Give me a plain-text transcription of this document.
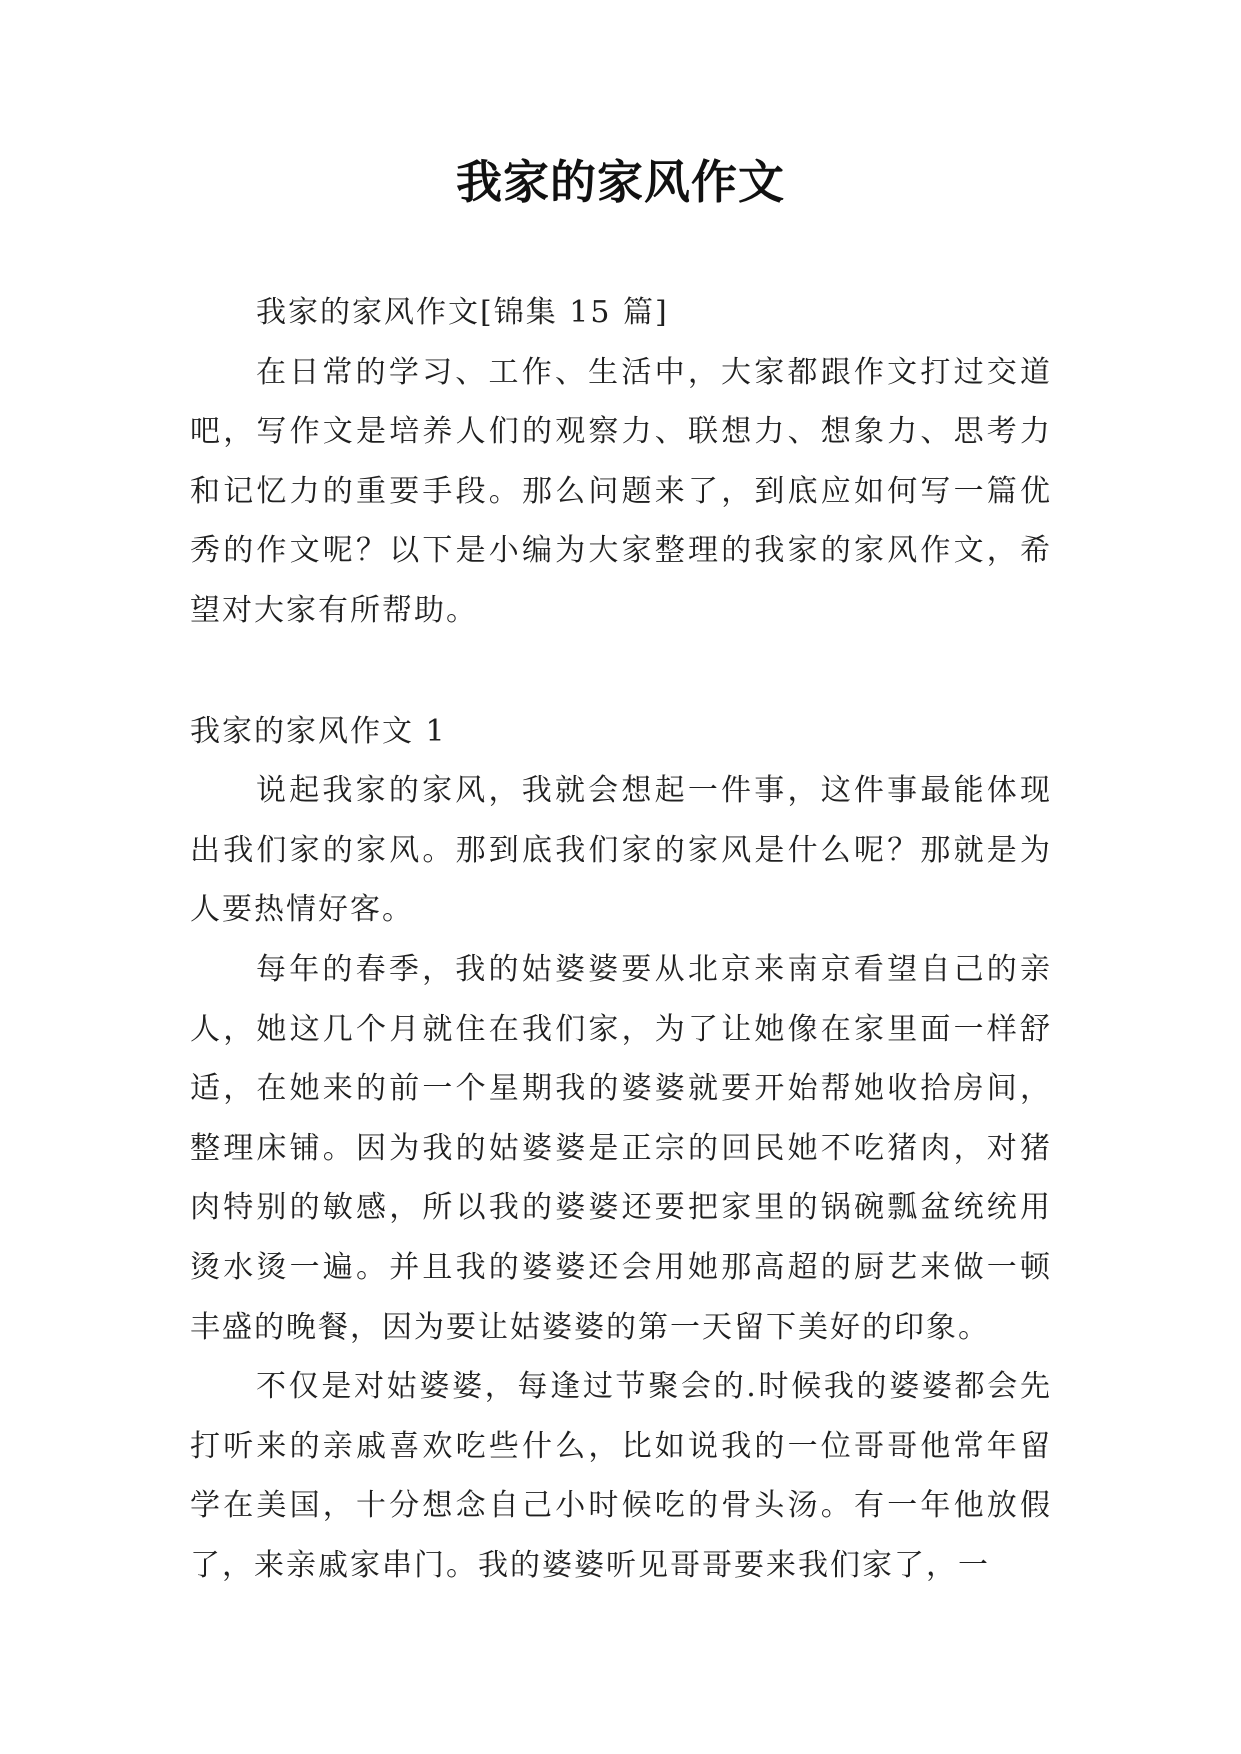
我家的家风作文

我家的家风作文[锦集 15 篇]

在日常的学习、工作、生活中，大家都跟作文打过交道吧，写作文是培养人们的观察力、联想力、想象力、思考力和记忆力的重要手段。那么问题来了，到底应如何写一篇优秀的作文呢？以下是小编为大家整理的我家的家风作文，希望对大家有所帮助。

我家的家风作文 1

说起我家的家风，我就会想起一件事，这件事最能体现出我们家的家风。那到底我们家的家风是什么呢？那就是为人要热情好客。

每年的春季，我的姑婆婆要从北京来南京看望自己的亲人，她这几个月就住在我们家，为了让她像在家里面一样舒适，在她来的前一个星期我的婆婆就要开始帮她收拾房间，整理床铺。因为我的姑婆婆是正宗的回民她不吃猪肉，对猪肉特别的敏感，所以我的婆婆还要把家里的锅碗瓢盆统统用烫水烫一遍。并且我的婆婆还会用她那高超的厨艺来做一顿丰盛的晚餐，因为要让姑婆婆的第一天留下美好的印象。

不仅是对姑婆婆，每逢过节聚会的.时候我的婆婆都会先打听来的亲戚喜欢吃些什么，比如说我的一位哥哥他常年留学在美国，十分想念自己小时候吃的骨头汤。有一年他放假了，来亲戚家串门。我的婆婆听见哥哥要来我们家了，一
